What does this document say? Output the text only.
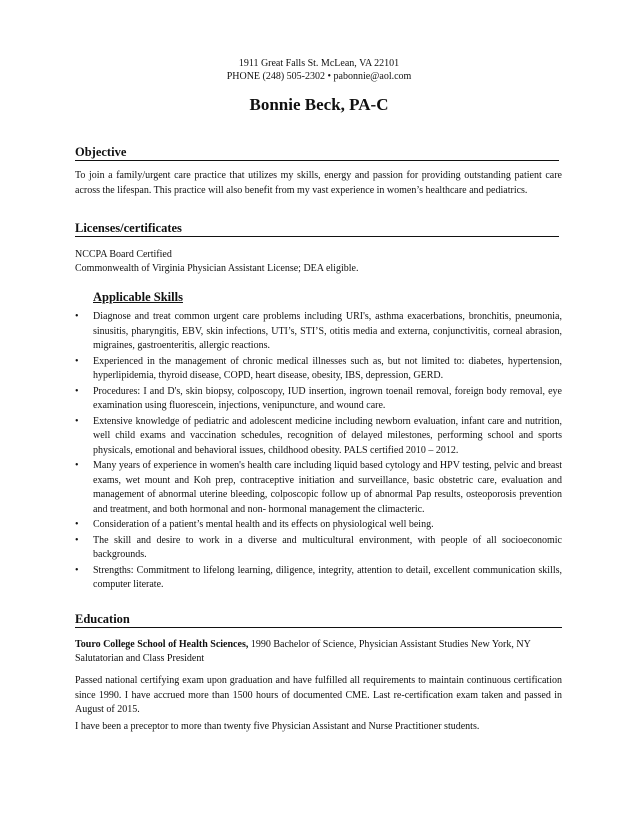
1911 Great Falls St. McLean, VA 22101
PHONE (248) 505-2302 • pabonnie@aol.com
Bonnie Beck, PA-C
Objective

To join a family/urgent care practice that utilizes my skills, energy and passion for providing outstanding patient care across the lifespan. This practice will also benefit from my vast experience in women’s healthcare and pediatrics.

Licenses/certificates

NCCPA Board Certified

Commonwealth of Virginia Physician Assistant License; DEA eligible.

Applicable Skills
•	Diagnose and treat common urgent care problems including URI's, asthma exacerbations, bronchitis, pneumonia, sinusitis, pharyngitis, EBV, skin infections, UTI’s, STI’S, otitis media and externa, conjunctivitis, corneal abrasion, migraines, gastroenteritis, allergic reactions.
•	Experienced in the management of chronic medical illnesses such as, but not limited to: diabetes, hypertension, hyperlipidemia, thyroid disease, COPD, heart disease, obesity, IBS, depression, GERD.
•	Procedures: I and D's, skin biopsy, colposcopy, IUD insertion, ingrown toenail removal, foreign body removal, eye examination using fluorescein, injections, venipuncture, and wound care.
•	Extensive knowledge of pediatric and adolescent medicine including newborn evaluation, infant care and nutrition, well child exams and vaccination schedules, recognition of delayed milestones, performing school and sports physicals, emotional and behavioral issues, childhood obesity. PALS certified 2010 – 2012.
•	Many years of experience in women's health care including liquid based cytology and HPV testing, pelvic and breast exams, wet mount and Koh prep, contraceptive initiation and surveillance, basic obstetric care, evaluation and management of abnormal uterine bleeding, colposcopic follow up of abnormal Pap results, osteoporosis prevention and treatment, and both hormonal and non- hormonal management the climacteric.
•	Consideration of a patient’s mental health and its effects on physiological well being.
•	The skill and desire to work in a diverse and multicultural environment, with people of all socioeconomic backgrounds.
•	Strengths: Commitment to lifelong learning, diligence, integrity, attention to detail, excellent communication skills, computer literate.
Education

Touro College School of Health Sciences, 1990 Bachelor of Science, Physician Assistant Studies New York, NY

Salutatorian and Class President

Passed national certifying exam upon graduation and have fulfilled all requirements to maintain continuous certification since 1990. I have accrued more than 1500 hours of documented CME. Last re-certification exam taken and passed in August of 2015.

I have been a preceptor to more than twenty five Physician Assistant and Nurse Practitioner students.
